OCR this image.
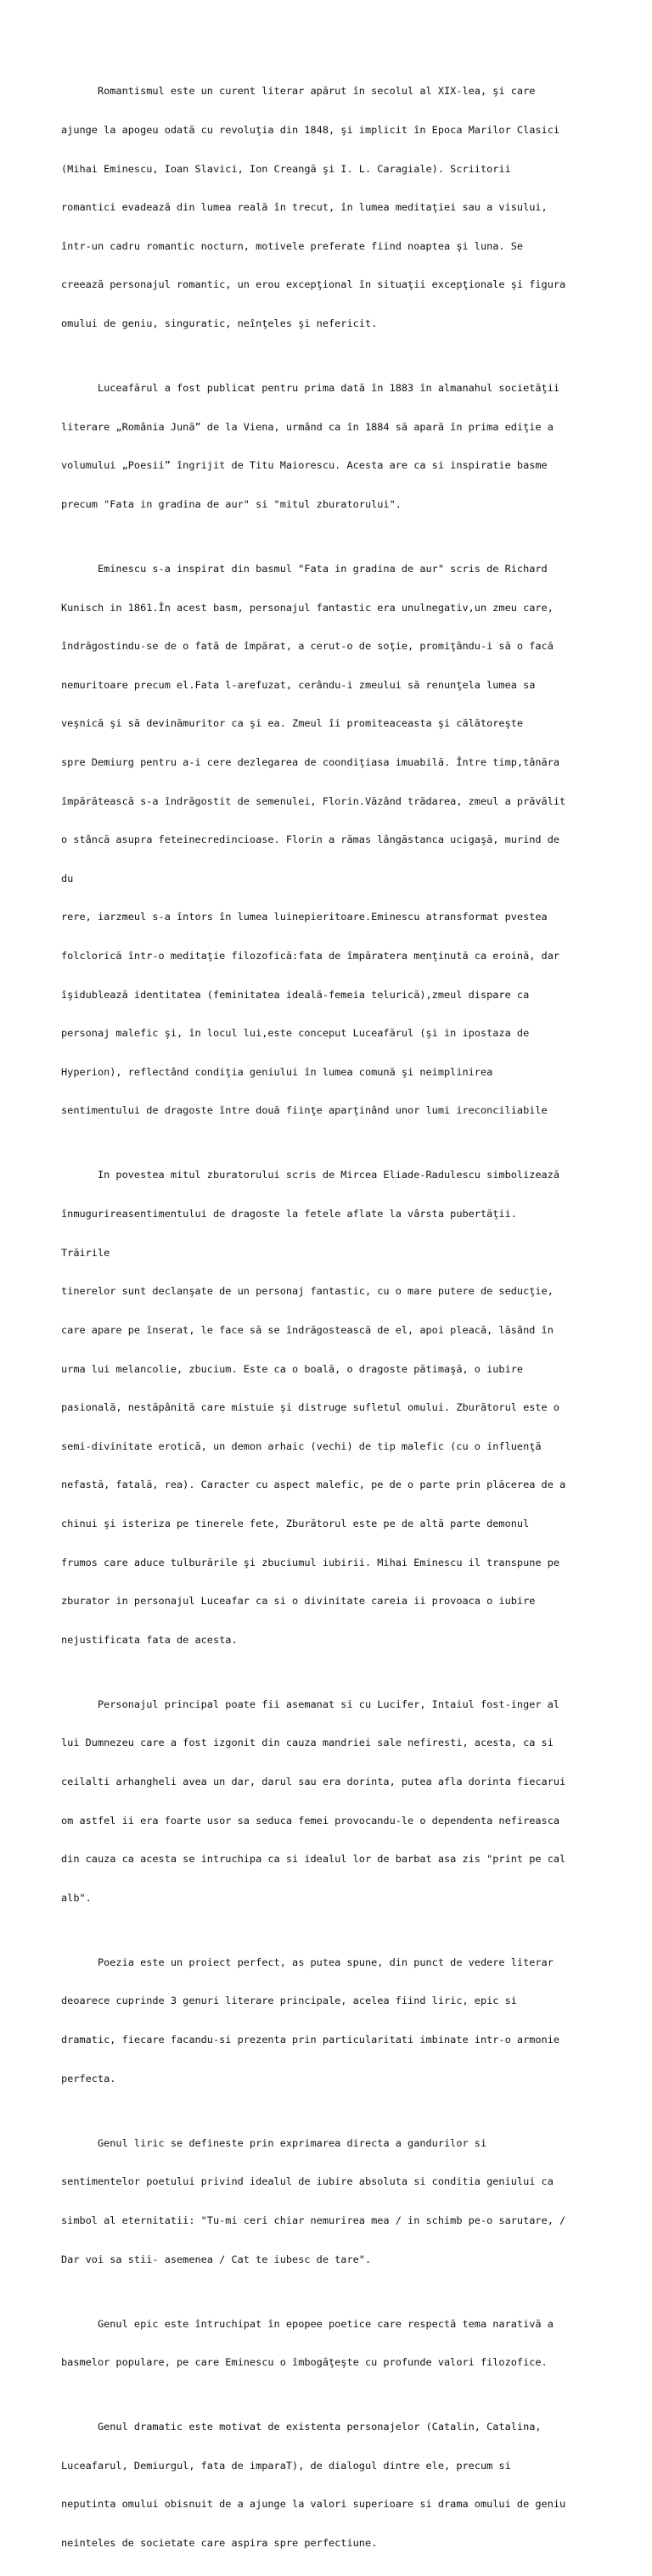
Romantismul este un curent literar apărut în secolul al XIX-lea, şi care

ajunge la apogeu odată cu revoluţia din 1848, şi implicit în Epoca Marilor Clasici

(Mihai Eminescu, Ioan Slavici, Ion Creangă şi I. L. Caragiale). Scriitorii

romantici evadează din lumea reală în trecut, în lumea meditaţiei sau a visului,

într-un cadru romantic nocturn, motivele preferate fiind noaptea şi luna. Se

creează personajul romantic, un erou excepţional în situaţii excepţionale şi figura

omului de geniu, singuratic, neînţeles şi nefericit.

Luceafărul a fost publicat pentru prima dată în 1883 în almanahul societăţii

literare „România Jună” de la Viena, urmând ca în 1884 să apară în prima ediţie a

volumului „Poesii” îngrijit de Titu Maiorescu. Acesta are ca si inspiratie basme

precum "Fata in gradina de aur" si "mitul zburatorului".

Eminescu s-a inspirat din basmul "Fata in gradina de aur" scris de Richard

Kunisch in 1861.În acest basm, personajul fantastic era unulnegativ,un zmeu care,

îndrăgostindu-se de o fată de împărat, a cerut-o de soţie, promiţându-i să o facă

nemuritoare precum el.Fata l-arefuzat, cerându-i zmeului să renunţela lumea sa

veşnică şi să devinămuritor ca şi ea. Zmeul îi promiteaceasta şi călătoreşte

spre Demiurg pentru a-i cere dezlegarea de coondiţiasa imuabilă. Între timp,tânăra

împărătească s-a îndrăgostit de semenulei, Florin.Văzând trădarea, zmeul a prăvălit

o stâncă asupra feteinecredincioase. Florin a rămas lângăstanca ucigaşă, murind de

du

rere, iarzmeul s-a întors în lumea luinepieritoare.Eminescu atransformat pvestea

folclorică într-o meditaţie filozofică:fata de împăratera menţinută ca eroină, dar

îşidublează identitatea (feminitatea ideală-femeia telurică),zmeul dispare ca

personaj malefic şi, în locul lui,este conceput Luceafărul (şi in ipostaza de

Hyperion), reflectând condiţia geniului în lumea comună şi neimplinirea

sentimentului de dragoste între două fiinţe aparţinând unor lumi ireconciliabile

In povestea mitul zburatorului scris de Mircea Eliade-Radulescu simbolizează

înmugurireasentimentului de dragoste la fetele aflate la vârsta pubertăţii.

Trăirile

tinerelor sunt declanşate de un personaj fantastic, cu o mare putere de seducţie,

care apare pe înserat, le face să se îndrăgostească de el, apoi pleacă, lăsând în

urma lui melancolie, zbucium. Este ca o boală, o dragoste pătimaşă, o iubire

pasională, nestăpânită care mistuie şi distruge sufletul omului. Zburătorul este o

semi-divinitate erotică, un demon arhaic (vechi) de tip malefic (cu o influenţă

nefastă, fatală, rea). Caracter cu aspect malefic, pe de o parte prin plăcerea de a

chinui şi isteriza pe tinerele fete, Zburătorul este pe de altă parte demonul

frumos care aduce tulburările şi zbuciumul iubirii. Mihai Eminescu il transpune pe

zburator in personajul Luceafar ca si o divinitate careia ii provoaca o iubire

nejustificata fata de acesta.

Personajul principal poate fii asemanat si cu Lucifer, Intaiul fost-inger al

lui Dumnezeu care a fost izgonit din cauza mandriei sale nefiresti, acesta, ca si

ceilalti arhangheli avea un dar, darul sau era dorinta, putea afla dorinta fiecarui

om astfel ii era foarte usor sa seduca femei provocandu-le o dependenta nefireasca

din cauza ca acesta se intruchipa ca si idealul lor de barbat asa zis "print pe cal

alb".

Poezia este un proiect perfect, as putea spune, din punct de vedere literar

deoarece cuprinde 3 genuri literare principale, acelea fiind liric, epic si

dramatic, fiecare facandu-si prezenta prin particularitati imbinate intr-o armonie

perfecta.

Genul liric se defineste prin exprimarea directa a gandurilor si

sentimentelor poetului privind idealul de iubire absoluta si conditia geniului ca

simbol al eternitatii: "Tu-mi ceri chiar nemurirea mea / in schimb pe-o sarutare, /

Dar voi sa stii- asemenea / Cat te iubesc de tare".

Genul epic este întruchipat în epopee poetice care respectă tema narativă a

basmelor populare, pe care Eminescu o îmbogăţeşte cu profunde valori filozofice.

Genul dramatic este motivat de existenta personajelor (Catalin, Catalina,

Luceafarul, Demiurgul, fata de imparaT), de dialogul dintre ele, precum si

neputinta omului obisnuit de a ajunge la valori superioare si drama omului de geniu

neinteles de societate care aspira spre perfectiune.
